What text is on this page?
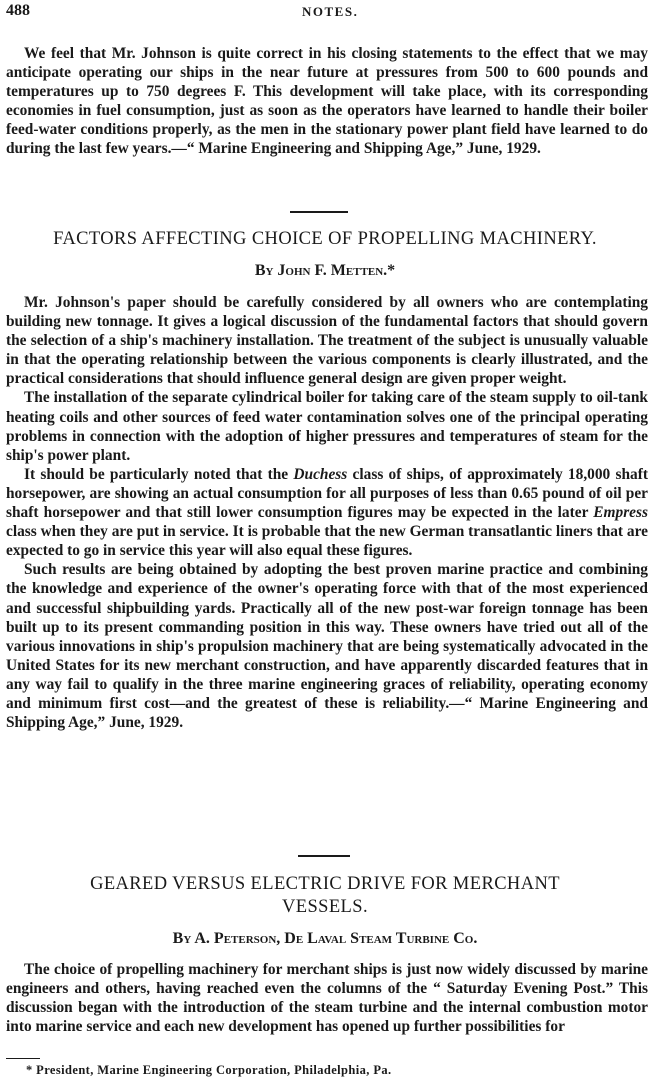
488	NOTES.

We feel that Mr. Johnson is quite correct in his closing statements to the effect that we may anticipate operating our ships in the near future at pressures from 500 to 600 pounds and temperatures up to 750 degrees F. This development will take place, with its corresponding economies in fuel consumption, just as soon as the operators have learned to handle their boiler feed-water conditions properly, as the men in the stationary power plant field have learned to do during the last few years.—“ Marine Engineering and Shipping Age,” June, 1929.

FACTORS AFFECTING CHOICE OF PROPELLING MACHINERY.
By John F. Metten.*

Mr. Johnson's paper should be carefully considered by all owners who are contemplating building new tonnage. It gives a logical discussion of the fundamental factors that should govern the selection of a ship's machinery installation. The treatment of the subject is unusually valuable in that the operating relationship between the various components is clearly illustrated, and the practical considerations that should influence general design are given proper weight.

The installation of the separate cylindrical boiler for taking care of the steam supply to oil-tank heating coils and other sources of feed water contamination solves one of the principal operating problems in connection with the adoption of higher pressures and temperatures of steam for the ship's power plant.

It should be particularly noted that the Duchess class of ships, of approximately 18,000 shaft horsepower, are showing an actual consumption for all purposes of less than 0.65 pound of oil per shaft horsepower and that still lower consumption figures may be expected in the later Empress class when they are put in service. It is probable that the new German transatlantic liners that are expected to go in service this year will also equal these figures.

Such results are being obtained by adopting the best proven marine practice and combining the knowledge and experience of the owner's operating force with that of the most experienced and successful shipbuilding yards. Practically all of the new post-war foreign tonnage has been built up to its present commanding position in this way. These owners have tried out all of the various innovations in ship's propulsion machinery that are being systematically advocated in the United States for its new merchant construction, and have apparently discarded features that in any way fail to qualify in the three marine engineering graces of reliability, operating economy and minimum first cost—and the greatest of these is reliability.—“ Marine Engineering and Shipping Age,” June, 1929.

GEARED VERSUS ELECTRIC DRIVE FOR MERCHANT
VESSELS.
By A. Peterson, De Laval Steam Turbine Co.

The choice of propelling machinery for merchant ships is just now widely discussed by marine engineers and others, having reached even the columns of the “ Saturday Evening Post.” This discussion began with the introduction of the steam turbine and the internal combustion motor into marine service and each new development has opened up further possibilities for

* President, Marine Engineering Corporation, Philadelphia, Pa.
